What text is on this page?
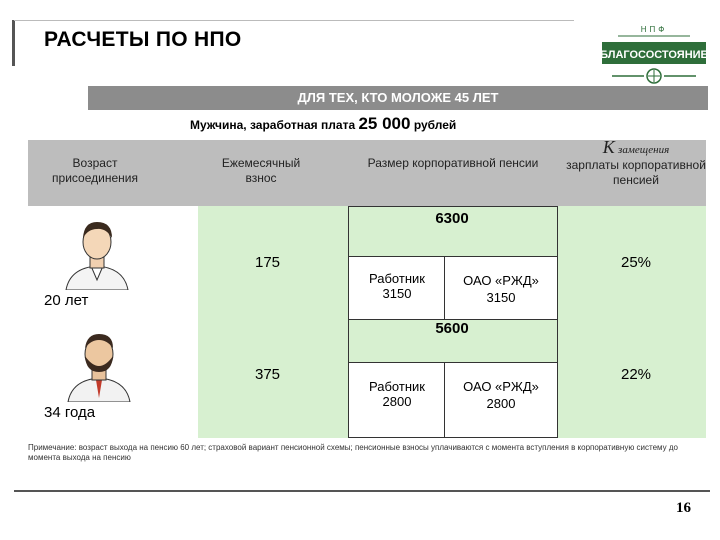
РАСЧЕТЫ ПО НПО	НПФ
БЛАГОСОСТОЯНИЕ
ДЛЯ ТЕХ, КТО МОЛОЖЕ 45 ЛЕТ
Мужчина, заработная плата 25 000 рублей
Возраст присоединения
Ежемесячный взнос
Размер корпоративной пенсии
К замещения
зарплаты корпоративной пенсией
20 лет
175
6300
Работник
3150
ОАО «РЖД»
3150
25%
34 года
375
5600
Работник
2800
ОАО «РЖД»
2800
22%
Примечание: возраст выхода на пенсию 60 лет; страховой вариант пенсионной схемы; пенсионные взносы уплачиваются с момента вступления в корпоративную систему до момента выхода на пенсию
16
